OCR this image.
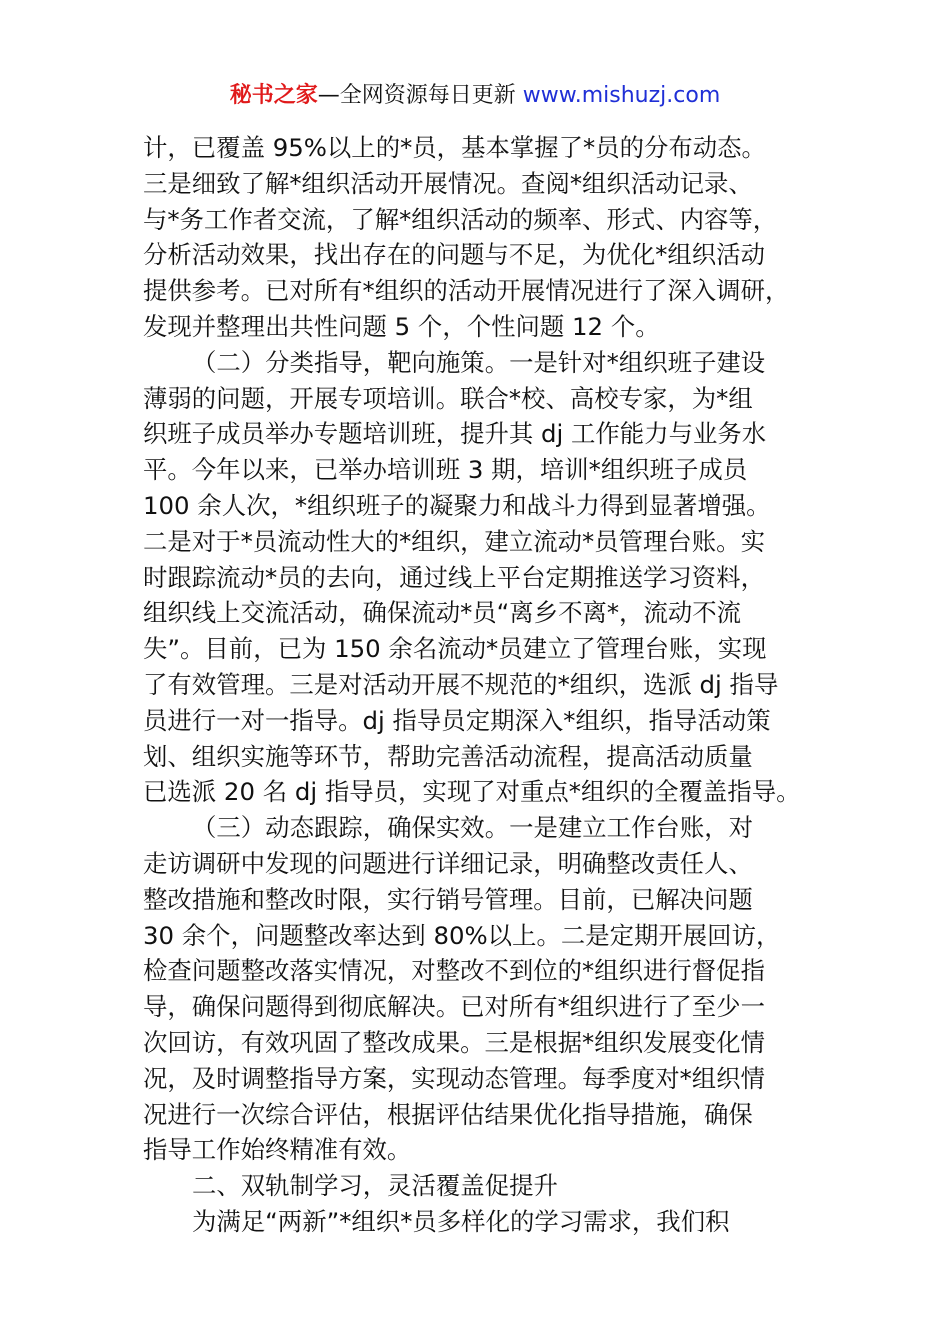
秘书之家—全网资源每日更新 www.mishuzj.com
计，已覆盖 95%以上的*员，基本掌握了*员的分布动态。
三是细致了解*组织活动开展情况。查阅*组织活动记录、
与*务工作者交流，了解*组织活动的频率、形式、内容等，
分析活动效果，找出存在的问题与不足，为优化*组织活动
提供参考。已对所有*组织的活动开展情况进行了深入调研，
发现并整理出共性问题 5 个，个性问题 12 个。
（二）分类指导，靶向施策。一是针对*组织班子建设
薄弱的问题，开展专项培训。联合*校、高校专家，为*组
织班子成员举办专题培训班，提升其 dj 工作能力与业务水
平。今年以来，已举办培训班 3 期，培训*组织班子成员
100 余人次，*组织班子的凝聚力和战斗力得到显著增强。
二是对于*员流动性大的*组织，建立流动*员管理台账。实
时跟踪流动*员的去向，通过线上平台定期推送学习资料，
组织线上交流活动，确保流动*员“离乡不离*，流动不流
失”。目前，已为 150 余名流动*员建立了管理台账，实现
了有效管理。三是对活动开展不规范的*组织，选派 dj 指导
员进行一对一指导。dj 指导员定期深入*组织，指导活动策
划、组织实施等环节，帮助完善活动流程，提高活动质量
已选派 20 名 dj 指导员，实现了对重点*组织的全覆盖指导。
（三）动态跟踪，确保实效。一是建立工作台账，对
走访调研中发现的问题进行详细记录，明确整改责任人、
整改措施和整改时限，实行销号管理。目前，已解决问题
30 余个，问题整改率达到 80%以上。二是定期开展回访，
检查问题整改落实情况，对整改不到位的*组织进行督促指
导，确保问题得到彻底解决。已对所有*组织进行了至少一
次回访，有效巩固了整改成果。三是根据*组织发展变化情
况，及时调整指导方案，实现动态管理。每季度对*组织情
况进行一次综合评估，根据评估结果优化指导措施，确保
指导工作始终精准有效。
二、双轨制学习，灵活覆盖促提升
为满足“两新”*组织*员多样化的学习需求，我们积
